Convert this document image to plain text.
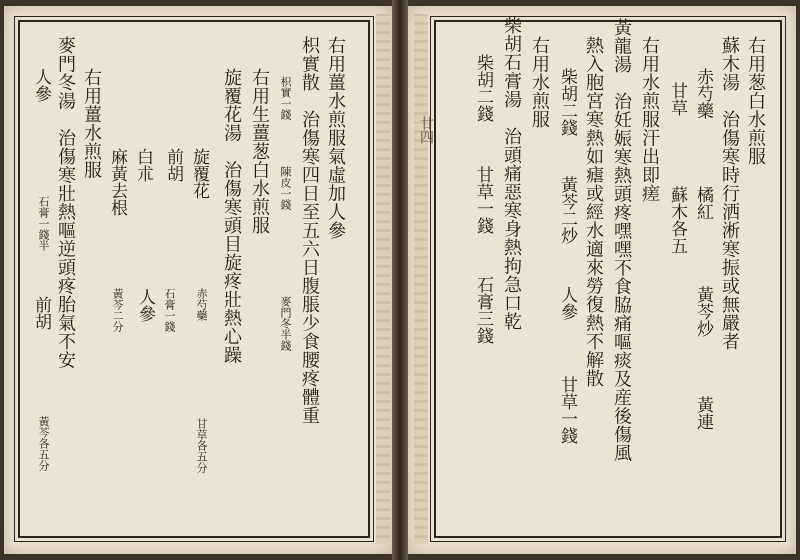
右用薑水煎服氣虛加人參
枳實散　治傷寒四日至五六日腹脹少食腰疼體重
枳實一錢
陳皮一錢
麥門冬半錢
右用生薑葱白水煎服
旋覆花湯　治傷寒頭目旋疼壯熱心躁
旋覆花
赤芍藥
甘草各五分
前胡
石膏一錢
白朮
人參
麻黃去根
黃芩二分
右用薑水煎服
麥門冬湯　治傷寒壯熱嘔逆頭疼胎氣不安
人參
石膏一錢半
前胡
黃芩各五分
廿四	右用葱白水煎服
蘇木湯　治傷寒時行洒淅寒振或無嚴者
赤芍藥
橘紅
黃芩炒
黃連
甘草
蘇木各五
右用水煎服汗出即瘥
黃龍湯　治妊娠寒熱頭疼嘿嘿不食脇痛嘔痰及産後傷風
熱入胞宮寒熱如瘧或經水適來勞復熱不解散
柴胡二錢
黃芩二炒
人參
甘草一錢
右用水煎服
柴胡石膏湯　治頭痛惡寒身熱拘急口乾
柴胡二錢
甘草一錢
石膏三錢
